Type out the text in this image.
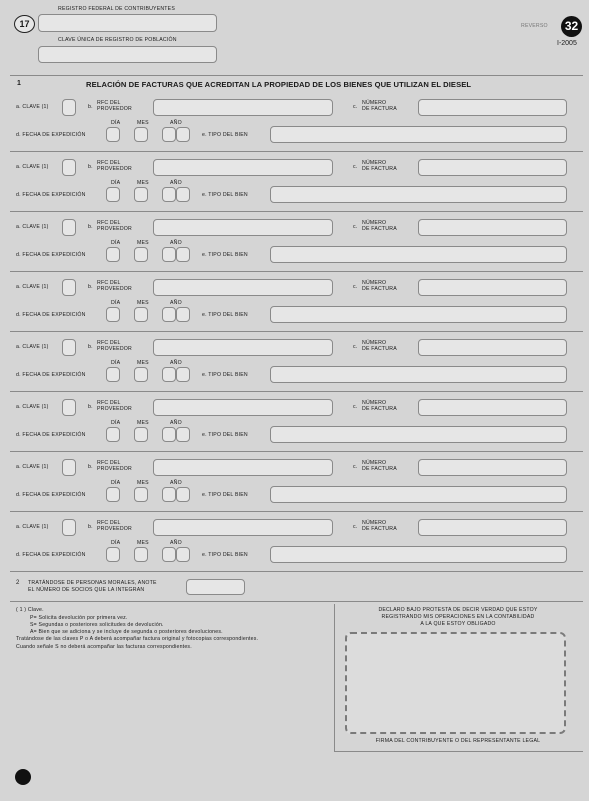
17
REGISTRO FEDERAL DE CONTRIBUYENTES
CLAVE ÚNICA DE REGISTRO DE POBLACIÓN
REVERSO	32
I-2005
1	RELACIÓN DE FACTURAS QUE ACREDITAN LA PROPIEDAD DE LOS BIENES QUE UTILIZAN EL DIESEL
a. CLAVE (1)	b.
RFC DEL
PROVEEDOR	c.
NÚMERO
DE FACTURA
DÍA	MES	AÑO
d. FECHA DE EXPEDICIÓN	e. TIPO DEL BIEN
a. CLAVE (1)	b.
RFC DEL
PROVEEDOR	c.
NÚMERO
DE FACTURA
DÍA	MES	AÑO
d. FECHA DE EXPEDICIÓN	e. TIPO DEL BIEN
a. CLAVE (1)	b.
RFC DEL
PROVEEDOR	c.
NÚMERO
DE FACTURA
DÍA	MES	AÑO
d. FECHA DE EXPEDICIÓN	e. TIPO DEL BIEN
a. CLAVE (1)	b.
RFC DEL
PROVEEDOR	c.
NÚMERO
DE FACTURA
DÍA	MES	AÑO
d. FECHA DE EXPEDICIÓN	e. TIPO DEL BIEN
a. CLAVE (1)	b.
RFC DEL
PROVEEDOR	c.
NÚMERO
DE FACTURA
DÍA	MES	AÑO
d. FECHA DE EXPEDICIÓN	e. TIPO DEL BIEN
a. CLAVE (1)	b.
RFC DEL
PROVEEDOR	c.
NÚMERO
DE FACTURA
DÍA	MES	AÑO
d. FECHA DE EXPEDICIÓN	e. TIPO DEL BIEN
a. CLAVE (1)	b.
RFC DEL
PROVEEDOR	c.
NÚMERO
DE FACTURA
DÍA	MES	AÑO
d. FECHA DE EXPEDICIÓN	e. TIPO DEL BIEN
a. CLAVE (1)	b.
RFC DEL
PROVEEDOR	c.
NÚMERO
DE FACTURA
DÍA	MES	AÑO
d. FECHA DE EXPEDICIÓN	e. TIPO DEL BIEN
2 TRATÁNDOSE DE PERSONAS MORALES, ANOTE
EL NÚMERO DE SOCIOS QUE LA INTEGRAN
( 1 ) Clave.
P= Solicita devolución por primera vez.
S= Segundas o posteriores solicitudes de devolución.
A= Bien que se adiciona y se incluye de segunda o posteriores devoluciones.
Tratándose de las claves P o A deberá acompañar factura original y fotocopias correspondientes.
Cuando señale S no deberá acompañar las facturas correspondientes.
DECLARO BAJO PROTESTA DE DECIR VERDAD QUE ESTOY
REGISTRANDO MIS OPERACIONES EN LA CONTABILIDAD
A LA QUE ESTOY OBLIGADO
FIRMA DEL CONTRIBUYENTE O DEL REPRESENTANTE LEGAL
